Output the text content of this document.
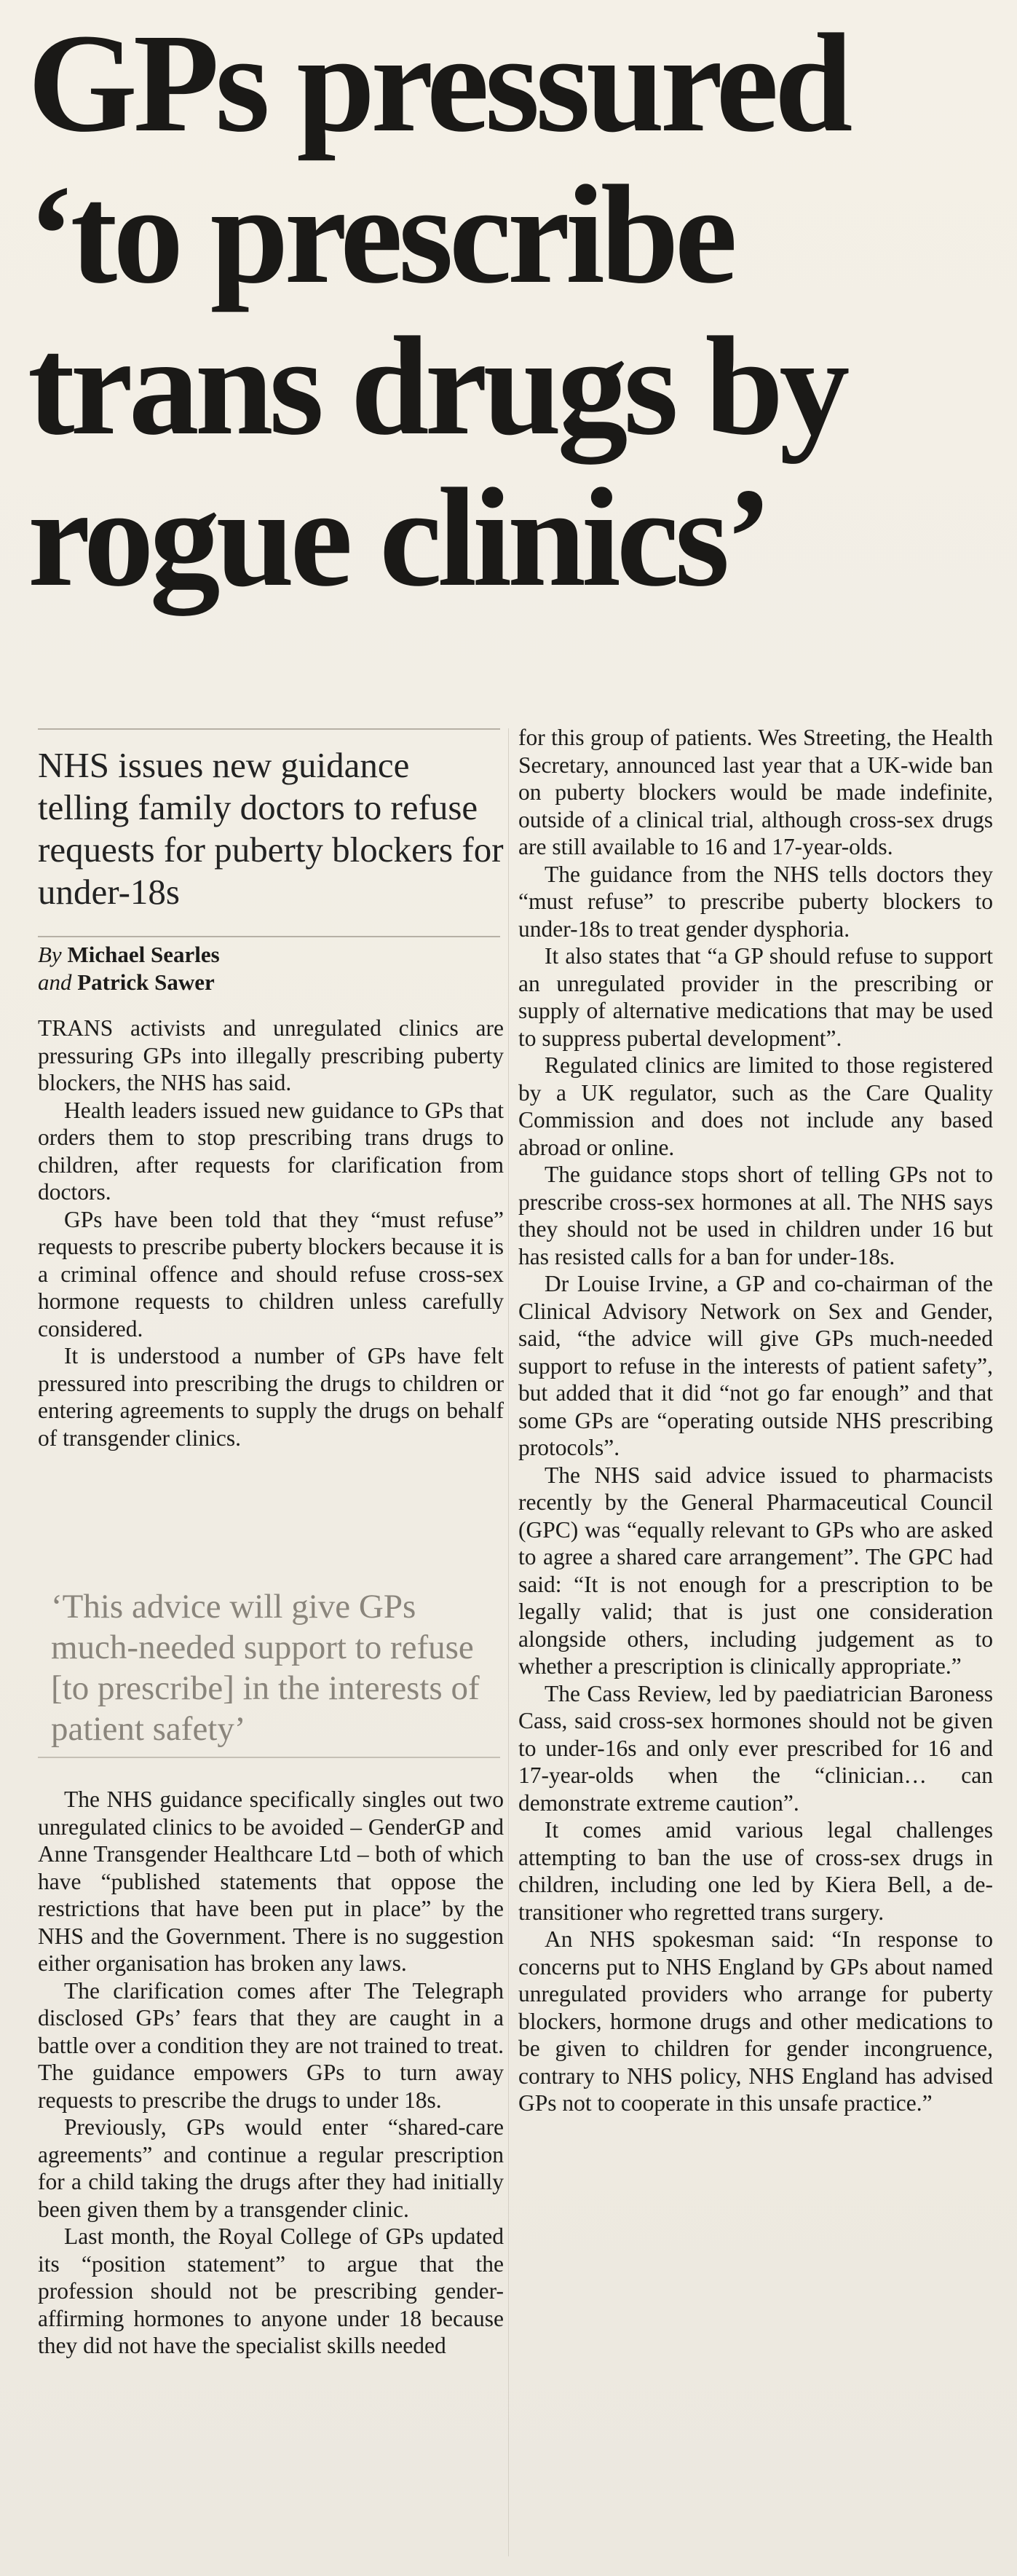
GPs pressured
‘to prescribe
trans drugs by
rogue clinics’

NHS issues new guidance telling family doctors to refuse requests for puberty blockers for under-18s

By Michael Searles
and Patrick Sawer

TRANS activists and unregulated clinics are pressuring GPs into illegally prescribing puberty blockers, the NHS has said.

Health leaders issued new guidance to GPs that orders them to stop prescribing trans drugs to children, after requests for clarification from doctors.

GPs have been told that they “must refuse” requests to prescribe puberty blockers because it is a criminal offence and should refuse cross-sex hormone requests to children unless carefully considered.

It is understood a number of GPs have felt pressured into prescribing the drugs to children or entering agreements to supply the drugs on behalf of transgender clinics.

‘This advice will give GPs much-needed support to refuse [to prescribe] in the interests of patient safety’

The NHS guidance specifically singles out two unregulated clinics to be avoided – GenderGP and Anne Transgender Healthcare Ltd – both of which have “published statements that oppose the restrictions that have been put in place” by the NHS and the Government. There is no suggestion either organisation has broken any laws.

The clarification comes after The Telegraph disclosed GPs’ fears that they are caught in a battle over a condition they are not trained to treat. The guidance empowers GPs to turn away requests to prescribe the drugs to under 18s.

Previously, GPs would enter “shared-care agreements” and continue a regular prescription for a child taking the drugs after they had initially been given them by a transgender clinic.

Last month, the Royal College of GPs updated its “position statement” to argue that the profession should not be prescribing gender-affirming hormones to anyone under 18 because they did not have the specialist skills needed

for this group of patients. Wes Streeting, the Health Secretary, announced last year that a UK-wide ban on puberty blockers would be made indefinite, outside of a clinical trial, although cross-sex drugs are still available to 16 and 17-year-olds.

The guidance from the NHS tells doctors they “must refuse” to prescribe puberty blockers to under-18s to treat gender dysphoria.

It also states that “a GP should refuse to support an unregulated provider in the prescribing or supply of alternative medications that may be used to suppress pubertal development”.

Regulated clinics are limited to those registered by a UK regulator, such as the Care Quality Commission and does not include any based abroad or online.

The guidance stops short of telling GPs not to prescribe cross-sex hormones at all. The NHS says they should not be used in children under 16 but has resisted calls for a ban for under-18s.

Dr Louise Irvine, a GP and co-chairman of the Clinical Advisory Network on Sex and Gender, said, “the advice will give GPs much-needed support to refuse in the interests of patient safety”, but added that it did “not go far enough” and that some GPs are “operating outside NHS prescribing protocols”.

The NHS said advice issued to pharmacists recently by the General Pharmaceutical Council (GPC) was “equally relevant to GPs who are asked to agree a shared care arrangement”. The GPC had said: “It is not enough for a prescription to be legally valid; that is just one consideration alongside others, including judgement as to whether a prescription is clinically appropriate.”

The Cass Review, led by paediatrician Baroness Cass, said cross-sex hormones should not be given to under-16s and only ever prescribed for 16 and 17-year-olds when the “clinician… can demonstrate extreme caution”.

It comes amid various legal challenges attempting to ban the use of cross-sex drugs in children, including one led by Kiera Bell, a de-transitioner who regretted trans surgery.

An NHS spokesman said: “In response to concerns put to NHS England by GPs about named unregulated providers who arrange for puberty blockers, hormone drugs and other medications to be given to children for gender incongruence, contrary to NHS policy, NHS England has advised GPs not to cooperate in this unsafe practice.”
